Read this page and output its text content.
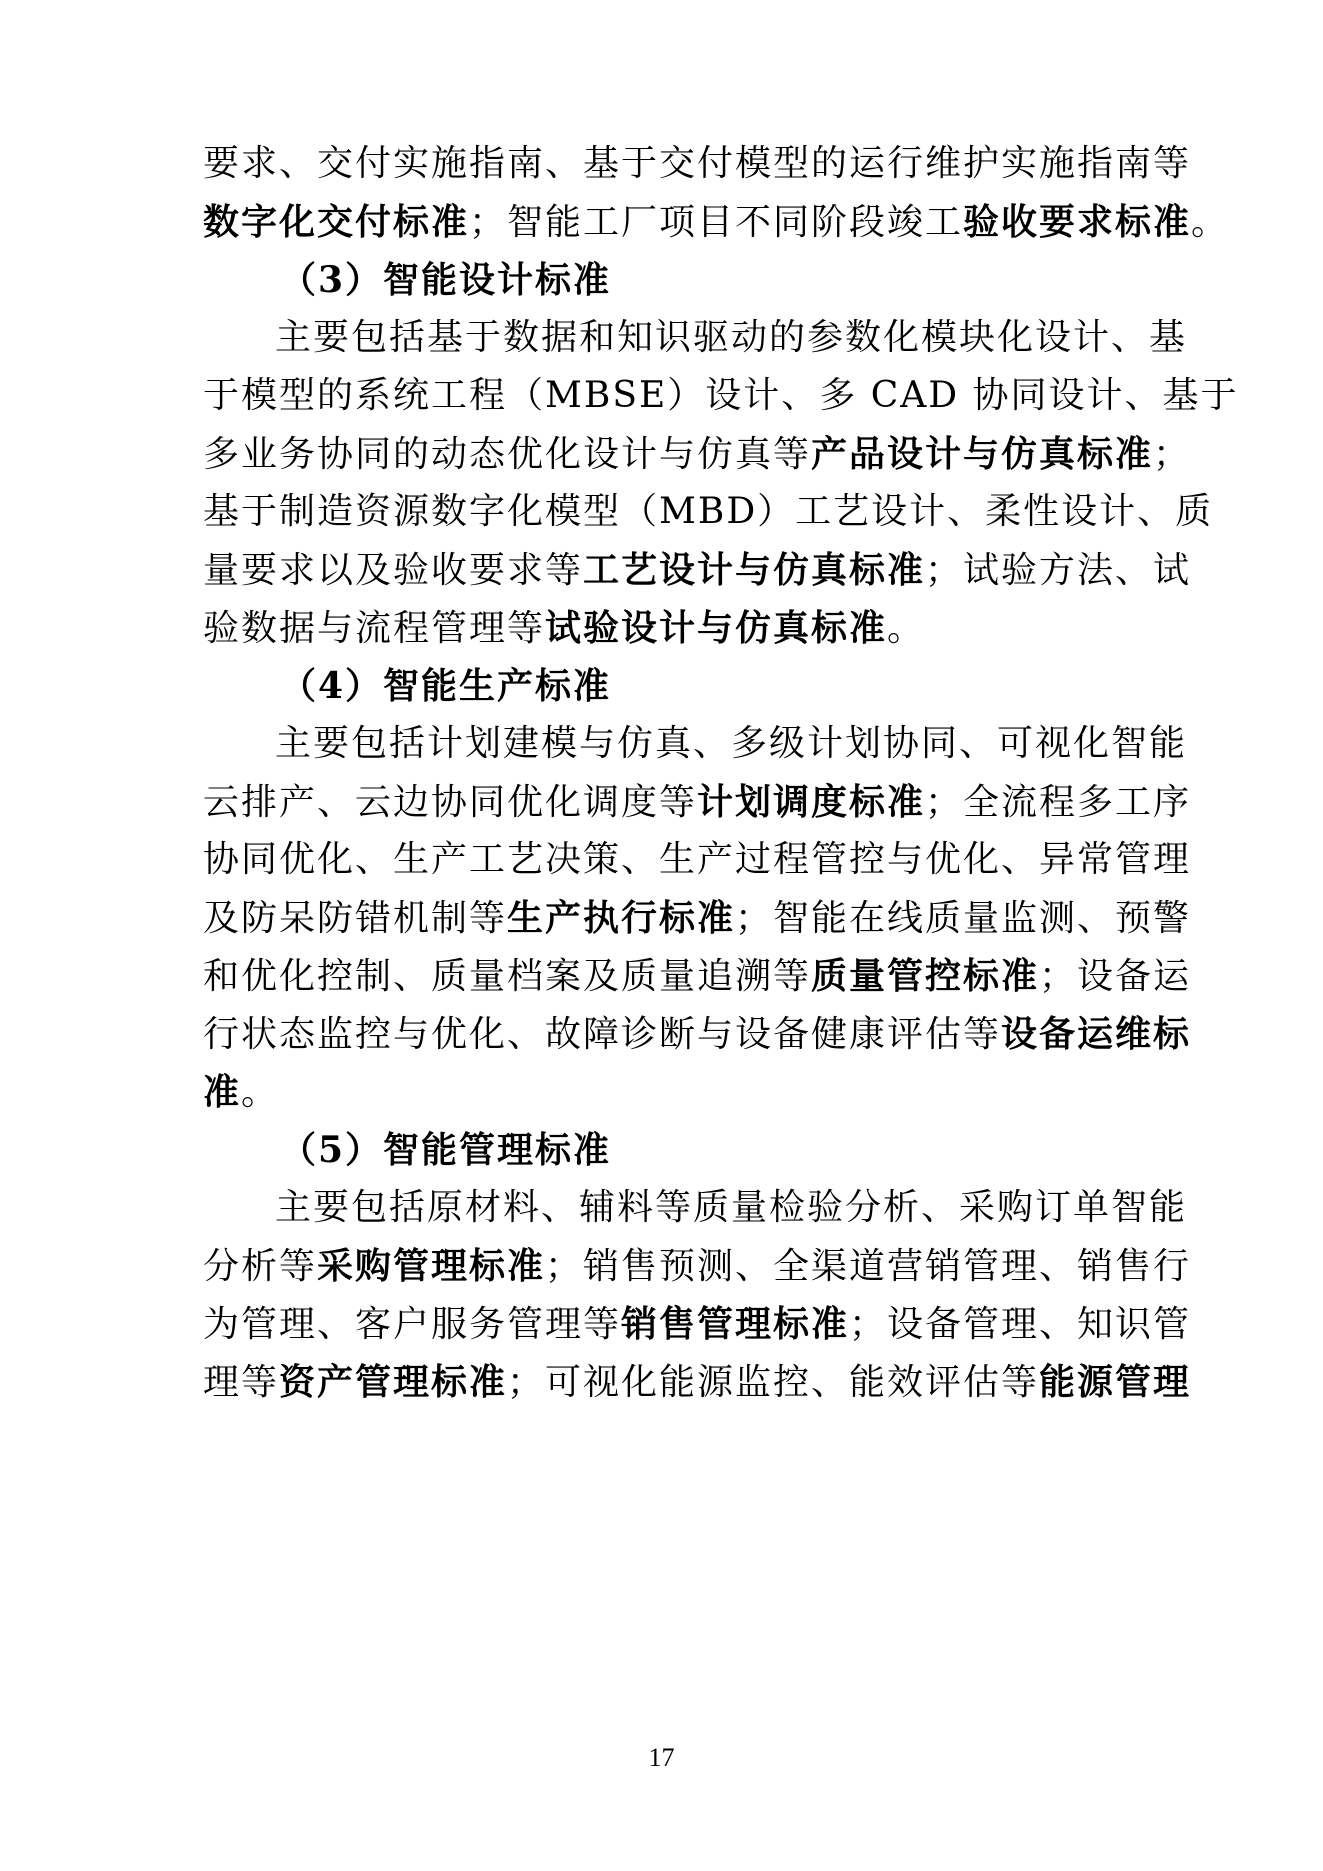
要求、交付实施指南、基于交付模型的运行维护实施指南等
数字化交付标准；智能工厂项目不同阶段竣工验收要求标准。
（3）智能设计标准
主要包括基于数据和知识驱动的参数化模块化设计、基
于模型的系统工程（MBSE）设计、多 CAD 协同设计、基于
多业务协同的动态优化设计与仿真等产品设计与仿真标准；
基于制造资源数字化模型（MBD）工艺设计、柔性设计、质
量要求以及验收要求等工艺设计与仿真标准；试验方法、试
验数据与流程管理等试验设计与仿真标准。
（4）智能生产标准
主要包括计划建模与仿真、多级计划协同、可视化智能
云排产、云边协同优化调度等计划调度标准；全流程多工序
协同优化、生产工艺决策、生产过程管控与优化、异常管理
及防呆防错机制等生产执行标准；智能在线质量监测、预警
和优化控制、质量档案及质量追溯等质量管控标准；设备运
行状态监控与优化、故障诊断与设备健康评估等设备运维标
准。
（5）智能管理标准
主要包括原材料、辅料等质量检验分析、采购订单智能
分析等采购管理标准；销售预测、全渠道营销管理、销售行
为管理、客户服务管理等销售管理标准；设备管理、知识管
理等资产管理标准；可视化能源监控、能效评估等能源管理
17
